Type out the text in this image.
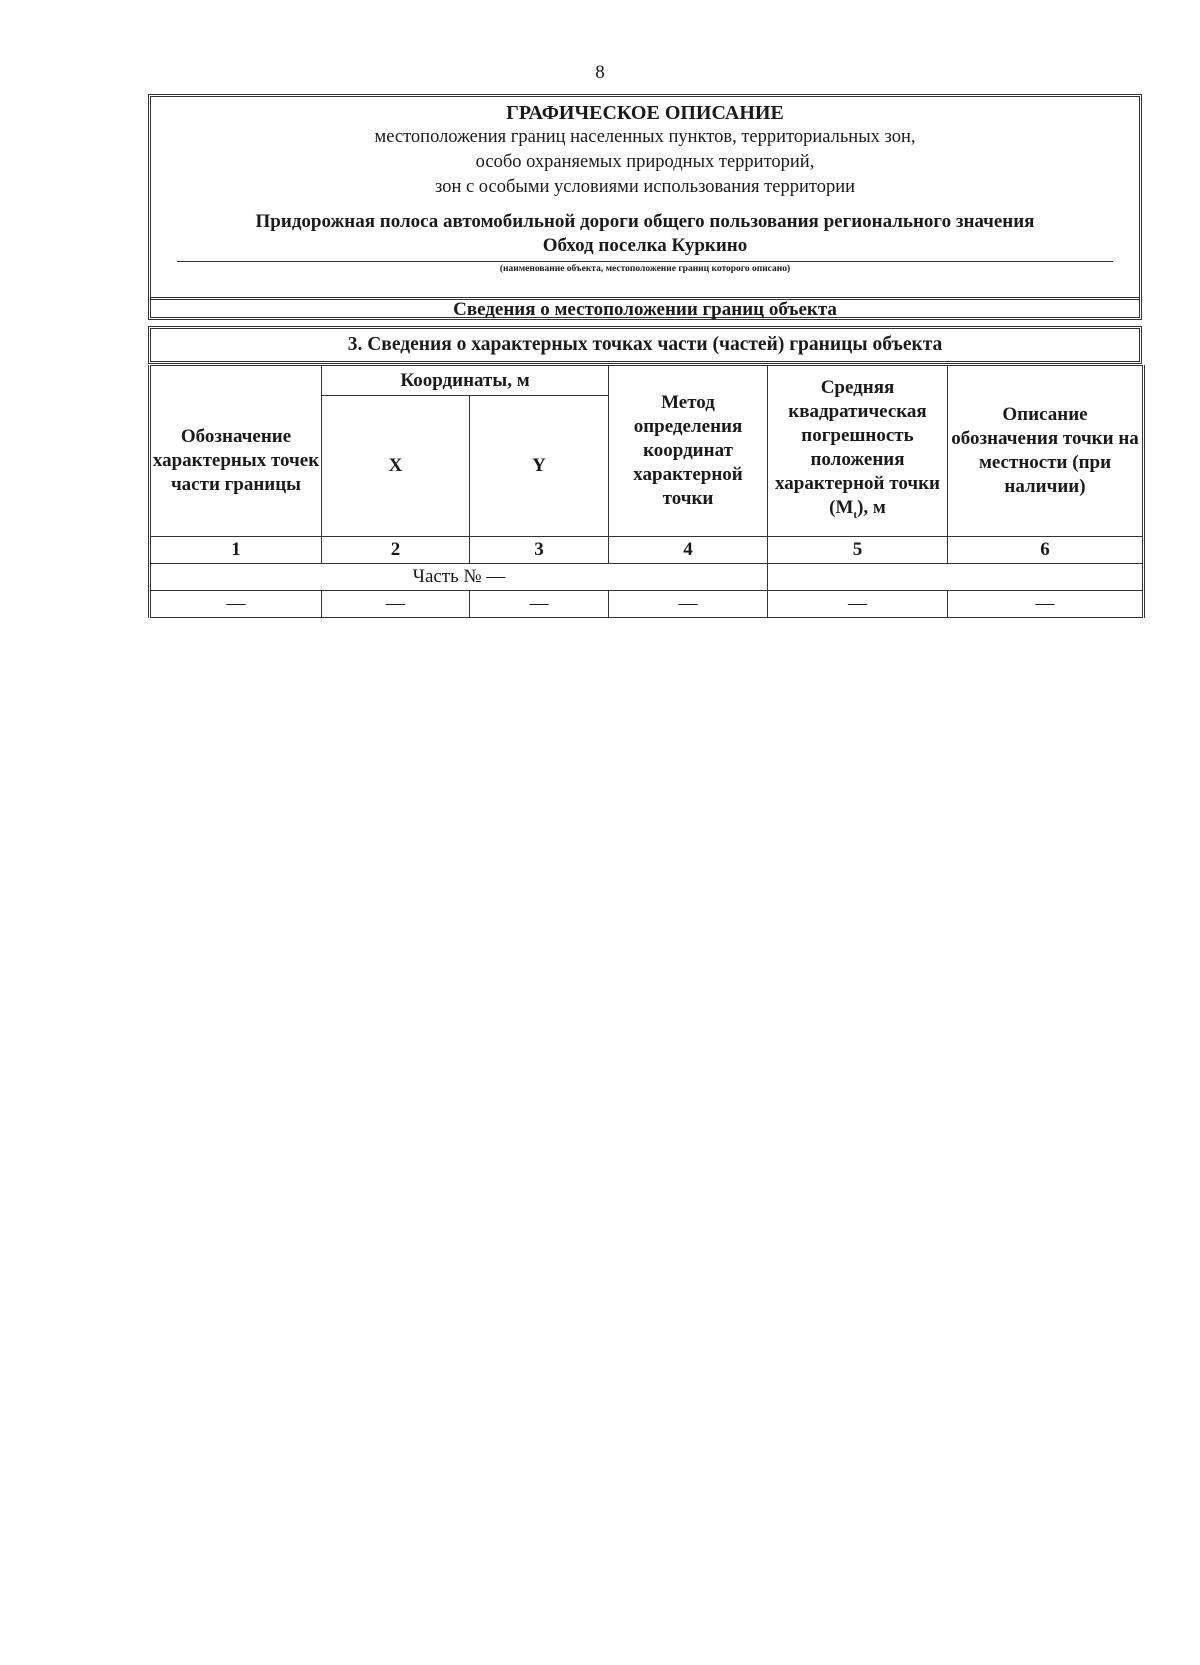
8
ГРАФИЧЕСКОЕ ОПИСАНИЕ
местоположения границ населенных пунктов, территориальных зон,
особо охраняемых природных территорий,
зон с особыми условиями использования территории
Придорожная полоса автомобильной дороги общего пользования регионального значения
Обход поселка Куркино
(наименование объекта, местоположение границ которого описано)
Сведения о местоположении границ объекта
3. Сведения о характерных точках части (частей) границы объекта
Обозначение характерных точек части границы	Координаты, м		Метод определения координат характерной точки	Средняя квадратическая погрешность положения характерной точки $(M_t)$, м	Описание обозначения точки на местности (при наличии)
	X	Y			
1	2	3	4	5	6
Часть № —					
—	—	—	—	—	—
